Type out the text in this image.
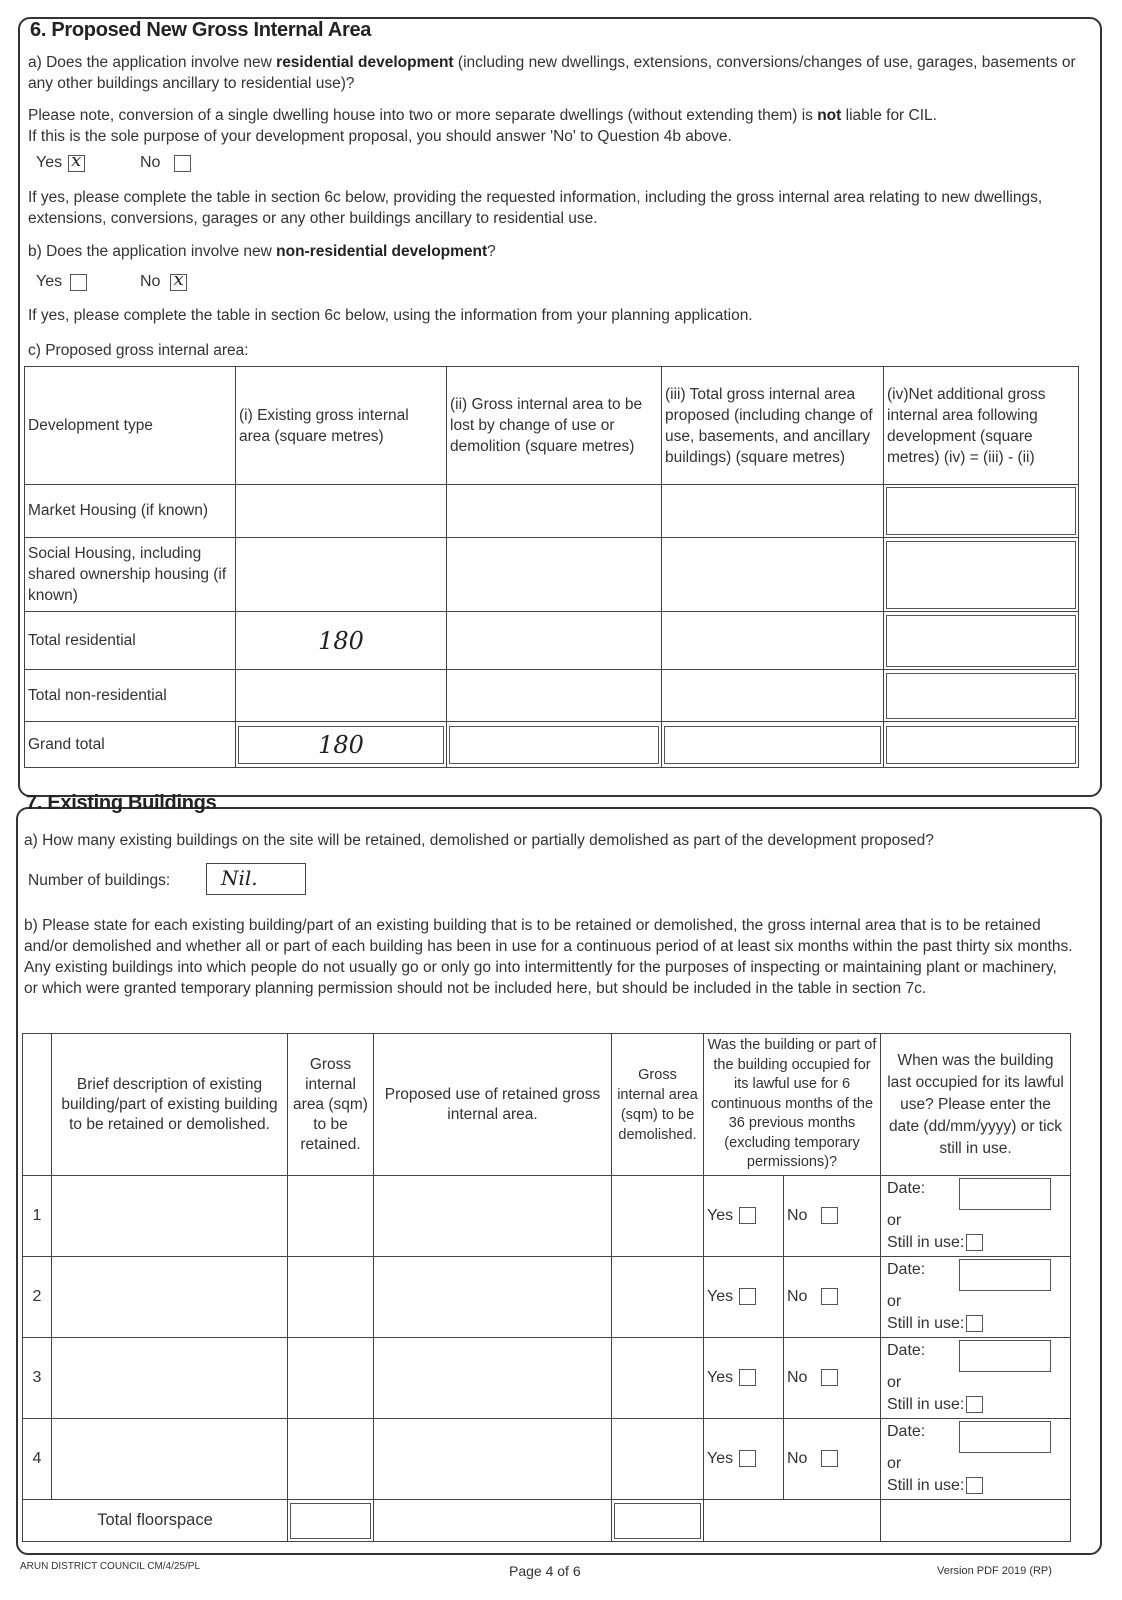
6. Proposed New Gross Internal Area
a) Does the application involve new residential development (including new dwellings, extensions, conversions/changes of use, garages, basements or any other buildings ancillary to residential use)?
Please note, conversion of a single dwelling house into two or more separate dwellings (without extending them) is not liable for CIL.
If this is the sole purpose of your development proposal, you should answer 'No' to Question 4b above.
Yes x	No
If yes, please complete the table in section 6c below, providing the requested information, including the gross internal area relating to new dwellings, extensions, conversions, garages or any other buildings ancillary to residential use.
b) Does the application involve new non-residential development?
Yes	Nox
If yes, please complete the table in section 6c below, using the information from your planning application.
c) Proposed gross internal area:
Development type	(i) Existing gross internal area (square metres)	(ii) Gross internal area to be lost by change of use or demolition (square metres)	(iii) Total gross internal area proposed (including change of use, basements, and ancillary buildings) (square metres)	(iv)Net additional gross internal area following development (square metres) (iv) = (iii) - (ii)
Market Housing (if known)				

Social Housing, including shared ownership housing (if known)				

Total residential	180			

Total non-residential				

Grand total	180			

7. Existing Buildings
a) How many existing buildings on the site will be retained, demolished or partially demolished as part of the development proposed?
Number of buildings:	Nil.
b) Please state for each existing building/part of an existing building that is to be retained or demolished, the gross internal area that is to be retained and/or demolished and whether all or part of each building has been in use for a continuous period of at least six months within the past thirty six months. Any existing buildings into which people do not usually go or only go into intermittently for the purposes of inspecting or maintaining plant or machinery, or which were granted temporary planning permission should not be included here, but should be included in the table in section 7c.
	Brief description of existing building/part of existing building to be retained or demolished.	Gross internal area (sqm) to be retained.	Proposed use of retained gross internal area.	Gross internal area (sqm) to be demolished.	Was the building or part of the building occupied for its lawful use for 6 continuous months of the 36 previous months (excluding temporary permissions)?		When was the building last occupied for its lawful use? Please enter the date (dd/mm/yyyy) or tick still in use.
1					Yes	No	Date:
or
Still in use:
2					Yes	No	Date:
or
Still in use:
3					Yes	No	Date:
or
Still in use:
4					Yes	No	Date:
or
Still in use:
Total floorspace			

ARUN DISTRICT COUNCIL CM/4/25/PL	Page 4 of 6	Version PDF 2019 (RP)
